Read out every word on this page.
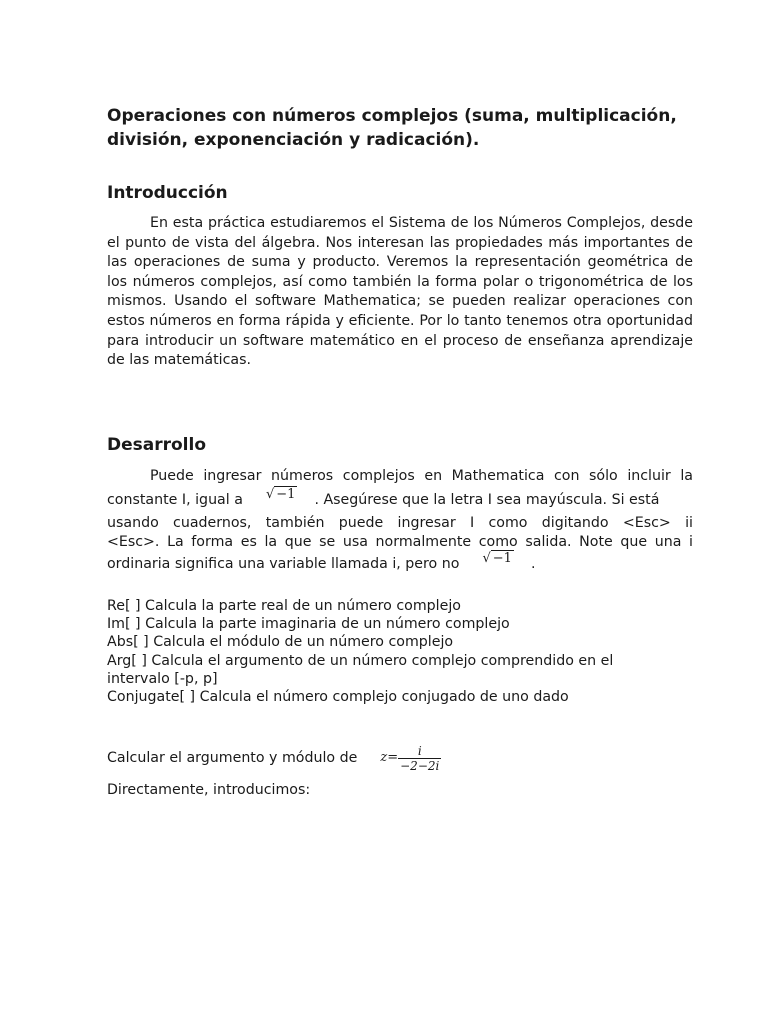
Operaciones con números complejos (suma, multiplicación, división, exponenciación y radicación).
Introducción

En esta práctica estudiaremos el Sistema de los Números Complejos, desde el punto de vista del álgebra. Nos interesan las propiedades más importantes de las operaciones de suma y producto. Veremos la representación geométrica de los números complejos, así como también la forma polar o trigonométrica de los mismos. Usando el software Mathematica; se pueden realizar operaciones con estos números en forma rápida y eficiente. Por lo tanto tenemos otra oportunidad para introducir un software matemático en el proceso de enseñanza aprendizaje de las matemáticas.

Desarrollo
Puede ingresar números complejos en Mathematica con sólo incluir la
constante I, igual a √ −1 . Asegúrese que la letra I sea mayúscula. Si está
usando cuadernos, también puede ingresar I como digitando <Esc> ii
<Esc>. La forma es la que se usa normalmente como salida. Note que una i
ordinaria significa una variable llamada i, pero no √ −1 .
Re[ ] Calcula la parte real de un número complejo
Im[ ] Calcula la parte imaginaria de un número complejo
Abs[ ] Calcula el módulo de un número complejo
Arg[ ] Calcula el argumento de un número complejo comprendido en el
intervalo [-p, p]
Conjugate[ ] Calcula el número complejo conjugado de uno dado
Calcular el argumento y módulo de $z= \frac{i}{-2-2i}$
Directamente, introducimos:
